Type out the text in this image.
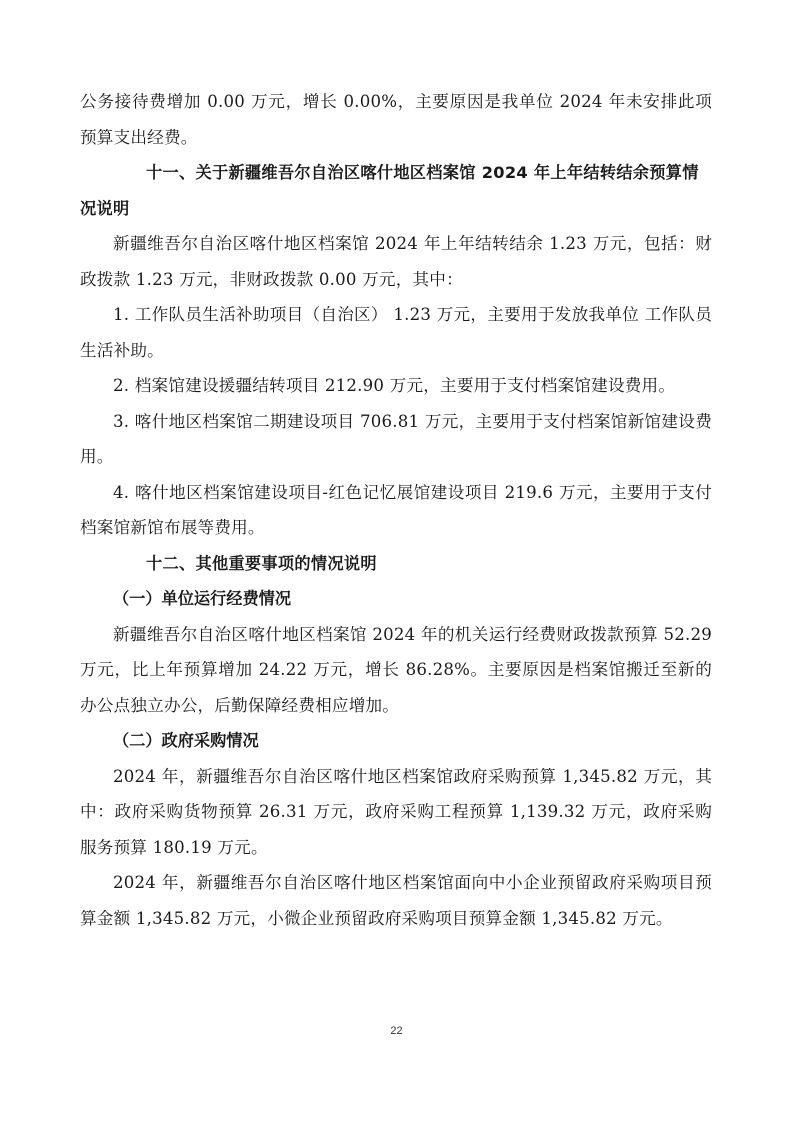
公务接待费增加 0.00 万元，增长 0.00%，主要原因是我单位 2024 年未安排此项预算支出经费。

十一、关于新疆维吾尔自治区喀什地区档案馆 2024 年上年结转结余预算情况说明

新疆维吾尔自治区喀什地区档案馆 2024 年上年结转结余 1.23 万元，包括：财政拨款 1.23 万元，非财政拨款 0.00 万元，其中：

1. 工作队员生活补助项目（自治区） 1.23 万元，主要用于发放我单位 工作队员生活补助。

2. 档案馆建设援疆结转项目 212.90 万元，主要用于支付档案馆建设费用。

3. 喀什地区档案馆二期建设项目 706.81 万元，主要用于支付档案馆新馆建设费用。

4. 喀什地区档案馆建设项目-红色记忆展馆建设项目 219.6 万元，主要用于支付档案馆新馆布展等费用。

十二、其他重要事项的情况说明

（一）单位运行经费情况

新疆维吾尔自治区喀什地区档案馆 2024 年的机关运行经费财政拨款预算 52.29 万元，比上年预算增加 24.22 万元，增长 86.28%。主要原因是档案馆搬迁至新的办公点独立办公，后勤保障经费相应增加。

（二）政府采购情况

2024 年，新疆维吾尔自治区喀什地区档案馆政府采购预算 1,345.82 万元，其中：政府采购货物预算 26.31 万元，政府采购工程预算 1,139.32 万元，政府采购服务预算 180.19 万元。

2024 年，新疆维吾尔自治区喀什地区档案馆面向中小企业预留政府采购项目预算金额 1,345.82 万元，小微企业预留政府采购项目预算金额 1,345.82 万元。

22
